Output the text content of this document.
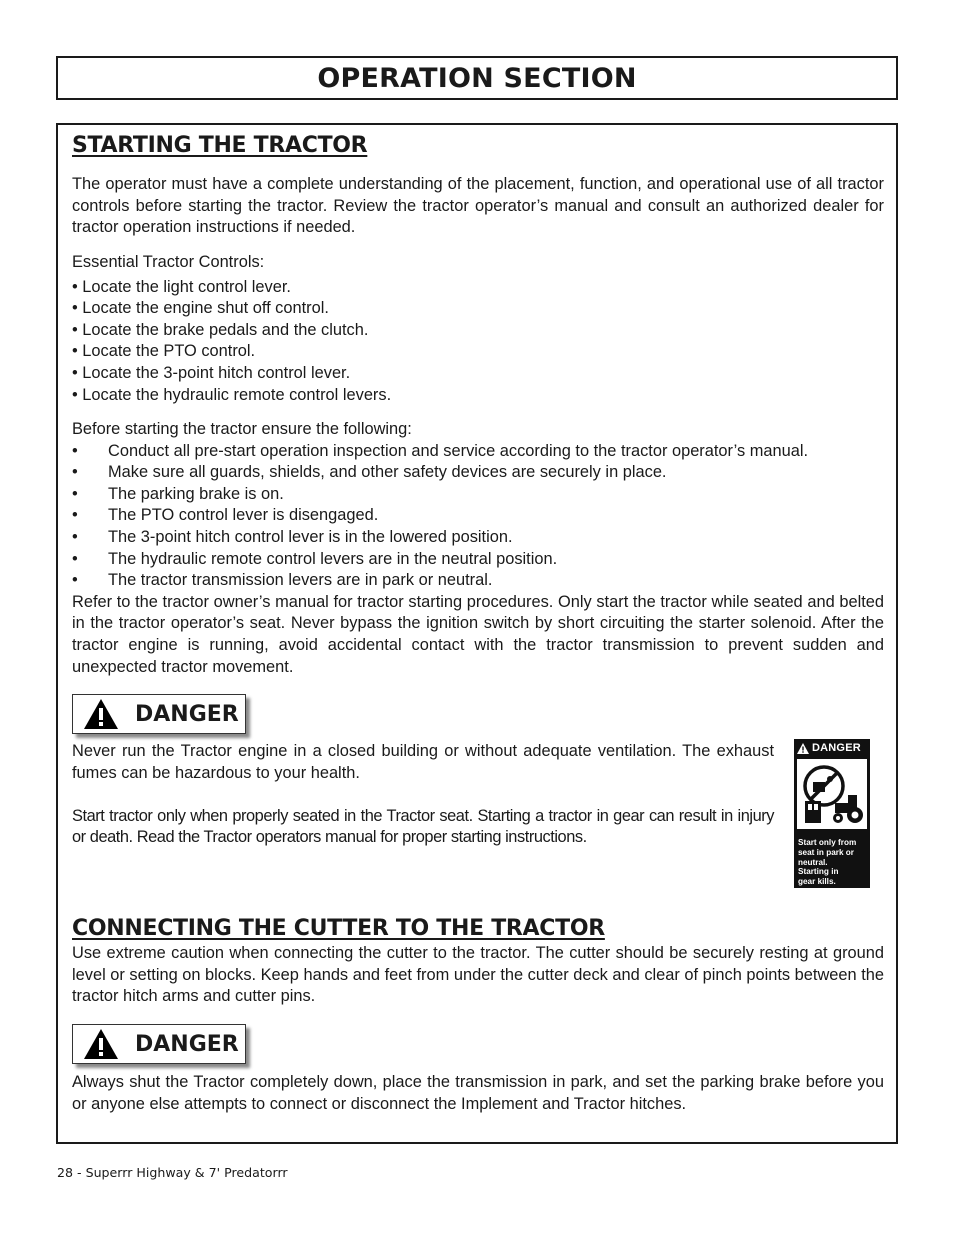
OPERATION SECTION
STARTING THE TRACTOR

The operator must have a complete understanding of the placement, function, and operational use of all tractor controls before starting the tractor. Review the tractor operator’s manual and consult an authorized dealer for tractor operation instructions if needed.

Essential Tractor Controls:

• Locate the light control lever.
• Locate the engine shut off control.
• Locate the brake pedals and the clutch.
• Locate the PTO control.
• Locate the 3-point hitch control lever.
• Locate the hydraulic remote control levers.

Before starting the tractor ensure the following:

• Conduct all pre-start operation inspection and service according to the tractor operator’s manual.
• Make sure all guards, shields, and other safety devices are securely in place.
• The parking brake is on.
• The PTO control lever is disengaged.
• The 3-point hitch control lever is in the lowered position.
• The hydraulic remote control levers are in the neutral position.
• The tractor transmission levers are in park or neutral.

Refer to the tractor owner’s manual for tractor starting procedures. Only start the tractor while seated and belted in the tractor operator’s seat. Never bypass the ignition switch by short circuiting the starter solenoid. After the tractor engine is running, avoid accidental contact with the tractor transmission to prevent sudden and unexpected tractor movement.

DANGER

Never run the Tractor engine in a closed building or without adequate ventilation. The exhaust fumes can be hazardous to your health.

Start tractor only when properly seated in the Tractor seat. Starting a tractor in gear can result in injury or death. Read the Tractor operators manual for proper starting instructions.

DANGER
Start only from
seat in park or
neutral.
Starting in
gear kills.
CONNECTING THE CUTTER TO THE TRACTOR

Use extreme caution when connecting the cutter to the tractor. The cutter should be securely resting at ground level or setting on blocks. Keep hands and feet from under the cutter deck and clear of pinch points between the tractor hitch arms and cutter pins.

DANGER

Always shut the Tractor completely down, place the transmission in park, and set the parking brake before you or anyone else attempts to connect or disconnect the Implement and Tractor hitches.

28 - Superrr Highway & 7' Predatorrr
